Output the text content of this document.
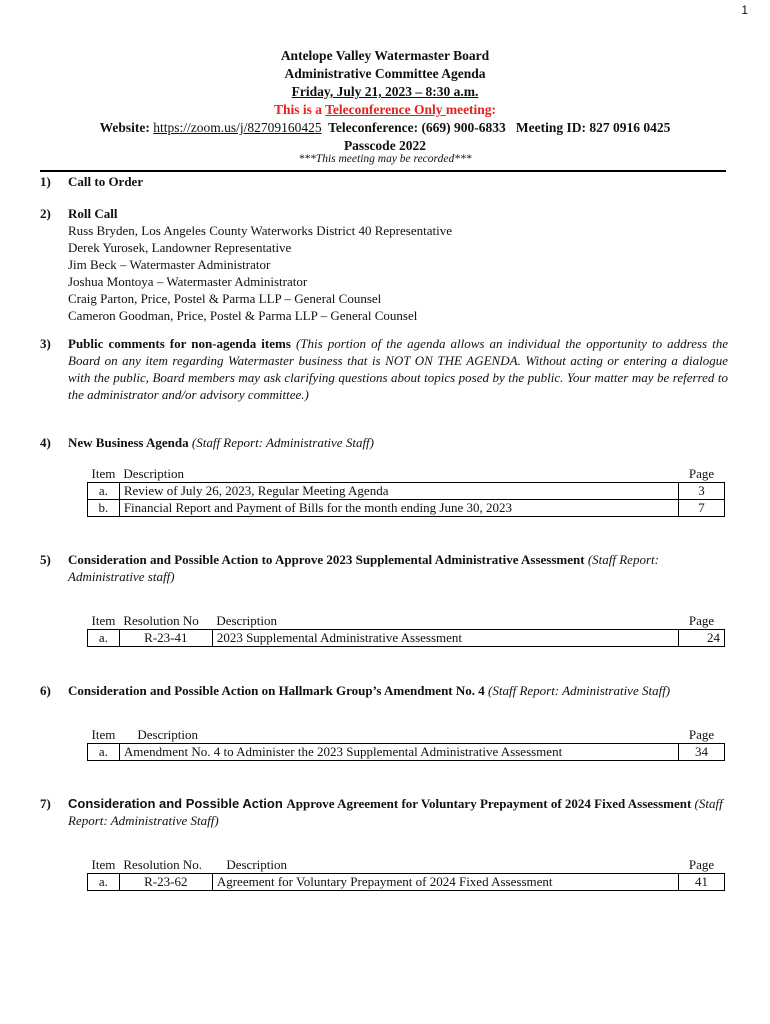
1
Antelope Valley Watermaster Board
Administrative Committee Agenda
Friday, July 21, 2023 – 8:30 a.m.
This is a Teleconference Only meeting:
Website: https://zoom.us/j/82709160425  Teleconference: (669) 900-6833   Meeting ID: 827 0916 0425
Passcode 2022
***This meeting may be recorded***
1) Call to Order
2) Roll Call
Russ Bryden, Los Angeles County Waterworks District 40 Representative
Derek Yurosek, Landowner Representative
Jim Beck – Watermaster Administrator
Joshua Montoya – Watermaster Administrator
Craig Parton, Price, Postel & Parma LLP – General Counsel
Cameron Goodman, Price, Postel & Parma LLP – General Counsel
3) Public comments for non-agenda items (This portion of the agenda allows an individual the opportunity to address the Board on any item regarding Watermaster business that is NOT ON THE AGENDA. Without acting or entering a dialogue with the public, Board members may ask clarifying questions about topics posed by the public. Your matter may be referred to the administrator and/or advisory committee.)
4) New Business Agenda (Staff Report: Administrative Staff)
Item	Description	Page
a.	Review of July 26, 2023, Regular Meeting Agenda	3
b.	Financial Report and Payment of Bills for the month ending June 30, 2023	7
5) Consideration and Possible Action to Approve 2023 Supplemental Administrative Assessment (Staff Report: Administrative staff)
Item	Resolution No	Description	Page
a.	R-23-41	2023 Supplemental Administrative Assessment	24
6) Consideration and Possible Action on Hallmark Group’s Amendment No. 4 (Staff Report: Administrative Staff)
Item	Description	Page
a.	Amendment No. 4 to Administer the 2023 Supplemental Administrative Assessment	34
7) Consideration and Possible Action Approve Agreement for Voluntary Prepayment of 2024 Fixed Assessment (Staff Report: Administrative Staff)
Item	Resolution No.	Description	Page
a.	R-23-62	Agreement for Voluntary Prepayment of 2024 Fixed Assessment	41
